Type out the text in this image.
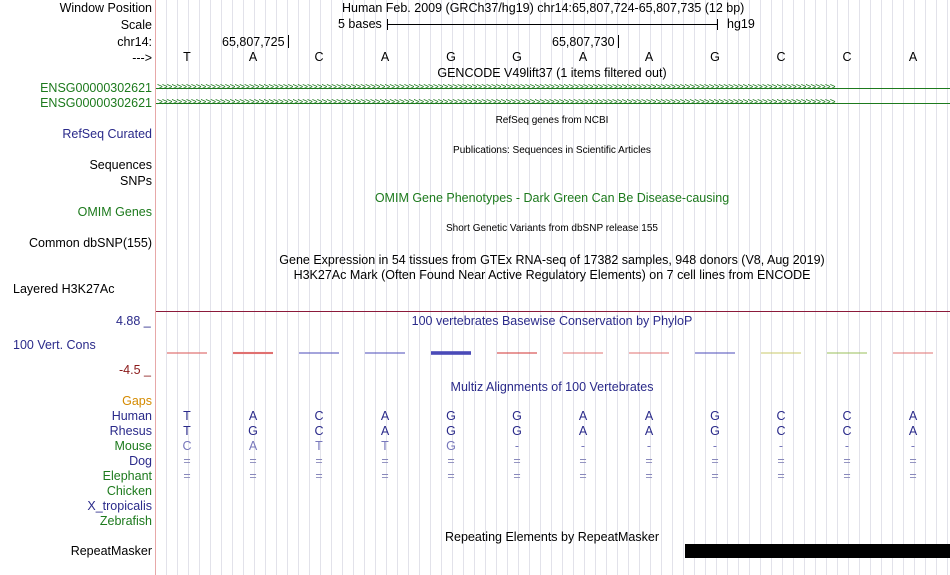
Window Position	Human Feb. 2009 (GRCh37/hg19) chr14:65,807,724-65,807,735 (12 bp)
Scale	5 bases	hg19
chr14:	65,807,725	65,807,730
---> T	A	C	A	G	G	A	A	G	C	C	A
GENCODE V49lift37 (1 items filtered out)
ENSG00000302621 >>>>>>>>>>>>>>>>>>>>>>>>>>>>>>>>>>>>>>>>>>>>>>>>>>>>>>>>>>>>>>>>>>>>>>>>>>>>>>>>>>>>>>>>>>>>>>>>>>>>>>>>>>>>>>>>>>>>>>>>>>>>>>>>>>>>>>>>>>>>
ENSG00000302621 >>>>>>>>>>>>>>>>>>>>>>>>>>>>>>>>>>>>>>>>>>>>>>>>>>>>>>>>>>>>>>>>>>>>>>>>>>>>>>>>>>>>>>>>>>>>>>>>>>>>>>>>>>>>>>>>>>>>>>>>>>>>>>>>>>>>>>>>>>>>
RefSeq genes from NCBI
RefSeq Curated
Publications: Sequences in Scientific Articles
Sequences
SNPs
OMIM Gene Phenotypes - Dark Green Can Be Disease-causing
OMIM Genes
Short Genetic Variants from dbSNP release 155
Common dbSNP(155)
Gene Expression in 54 tissues from GTEx RNA-seq of 17382 samples, 948 donors (V8, Aug 2019)
H3K27Ac Mark (Often Found Near Active Regulatory Elements) on 7 cell lines from ENCODE
Layered H3K27Ac
4.88 _	100 vertebrates Basewise Conservation by PhyloP
100 Vert. Cons
-4.5 _
Multiz Alignments of 100 Vertebrates
Gaps
Human T	A	C	A	G	G	A	A	G	C	C	A
Rhesus T	G	C	A	G	G	A	A	G	C	C	A
Mouse C	A	T	T	G	-	-	-	-	-	-	-
Dog	=	=	=	=	=	=	=	=	=	=	=	=
Elephant	=	=	=	=	=	=	=	=	=	=	=	=
Chicken
X_tropicalis
Zebrafish
Repeating Elements by RepeatMasker
RepeatMasker
